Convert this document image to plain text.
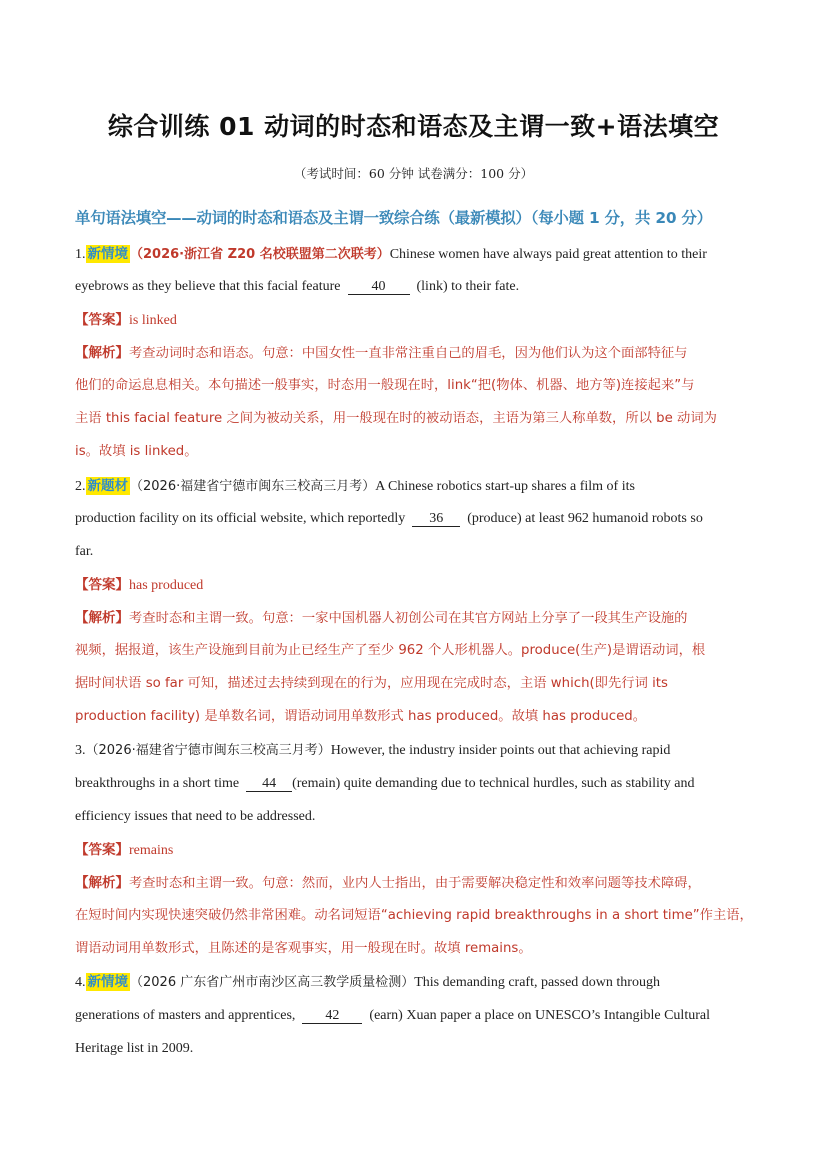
综合训练 01 动词的时态和语态及主谓一致+语法填空
（考试时间：60 分钟 试卷满分：100 分）
单句语法填空——动词的时态和语态及主谓一致综合练（最新模拟）（每小题 1 分，共 20 分）
1. 新情境 （2026·浙江省 Z20 名校联盟第二次联考）Chinese women have always paid great attention to their
eyebrows as they believe that this facial feature 40 (link) to their fate.
【答案】is linked
【解析】考查动词时态和语态。句意：中国女性一直非常注重自己的眉毛，因为他们认为这个面部特征与
他们的命运息息相关。本句描述一般事实，时态用一般现在时，link“把(物体、机器、地方等)连接起来”与
主语 this facial feature 之间为被动关系，用一般现在时的被动语态，主语为第三人称单数，所以 be 动词为
is。故填 is linked。
2. 新题材 （2026·福建省宁德市闽东三校高三月考）A Chinese robotics start-up shares a film of its
production facility on its official website, which reportedly 36 (produce) at least 962 humanoid robots so
far.
【答案】has produced
【解析】考查时态和主谓一致。句意：一家中国机器人初创公司在其官方网站上分享了一段其生产设施的
视频，据报道，该生产设施到目前为止已经生产了至少 962 个人形机器人。produce(生产)是谓语动词，根
据时间状语 so far 可知，描述过去持续到现在的行为，应用现在完成时态，主语 which(即先行词 its
production facility) 是单数名词，谓语动词用单数形式 has produced。故填 has produced。
3.（2026·福建省宁德市闽东三校高三月考）However, the industry insider points out that achieving rapid
breakthroughs in a short time 44 (remain) quite demanding due to technical hurdles, such as stability and
efficiency issues that need to be addressed.
【答案】remains
【解析】考查时态和主谓一致。句意：然而，业内人士指出，由于需要解决稳定性和效率问题等技术障碍，
在短时间内实现快速突破仍然非常困难。动名词短语“achieving rapid breakthroughs in a short time”作主语，
谓语动词用单数形式，且陈述的是客观事实，用一般现在时。故填 remains。
4. 新情境 （2026 广东省广州市南沙区高三教学质量检测）This demanding craft, passed down through
generations of masters and apprentices, 42 (earn) Xuan paper a place on UNESCO’s Intangible Cultural
Heritage list in 2009.
